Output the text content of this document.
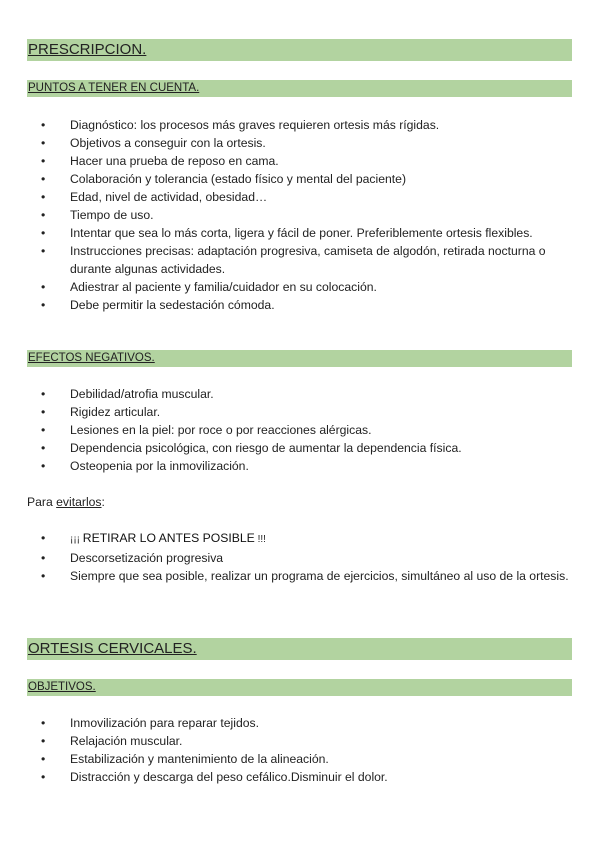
PRESCRIPCION.
PUNTOS A TENER EN CUENTA.
• Diagnóstico: los procesos más graves requieren ortesis más rígidas.
• Objetivos a conseguir con la ortesis.
• Hacer una prueba de reposo en cama.
• Colaboración y tolerancia (estado físico y mental del paciente)
• Edad, nivel de actividad, obesidad…
• Tiempo de uso.
• Intentar que sea lo más corta, ligera y fácil de poner. Preferiblemente ortesis flexibles.
• Instrucciones precisas: adaptación progresiva, camiseta de algodón, retirada nocturna o durante algunas actividades.
• Adiestrar al paciente y familia/cuidador en su colocación.
• Debe permitir la sedestación cómoda.
EFECTOS NEGATIVOS.
• Debilidad/atrofia muscular.
• Rigidez articular.
• Lesiones en la piel: por roce o por reacciones alérgicas.
• Dependencia psicológica, con riesgo de aumentar la dependencia física.
• Osteopenia por la inmovilización.
Para evitarlos:
• ¡¡¡ RETIRAR LO ANTES POSIBLE !!!
• Descorsetización progresiva
• Siempre que sea posible, realizar un programa de ejercicios, simultáneo al uso de la ortesis.
ORTESIS CERVICALES.
OBJETIVOS.
• Inmovilización para reparar tejidos.
• Relajación muscular.
• Estabilización y mantenimiento de la alineación.
• Distracción y descarga del peso cefálico.Disminuir el dolor.
